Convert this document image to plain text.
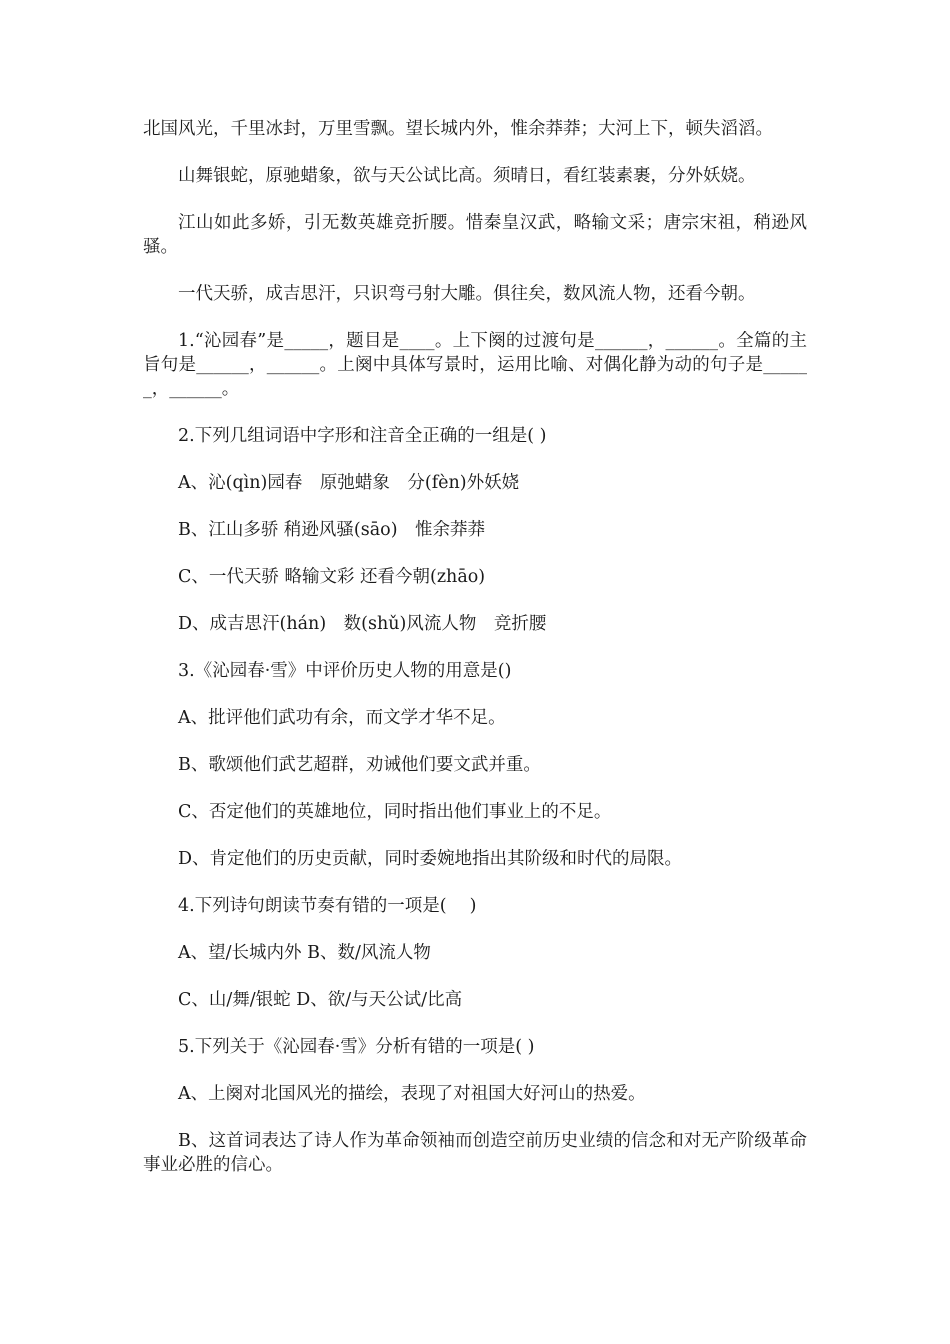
北国风光，千里冰封，万里雪飘。望长城内外，惟余莽莽；大河上下，顿失滔滔。

山舞银蛇，原驰蜡象，欲与天公试比高。须晴日，看红装素裹，分外妖娆。

江山如此多娇，引无数英雄竞折腰。惜秦皇汉武，略输文采；唐宗宋祖，稍逊风骚。

一代天骄，成吉思汗，只识弯弓射大雕。俱往矣，数风流人物，还看今朝。

1.“沁园春”是_____，题目是____。上下阕的过渡句是______，______。全篇的主旨句是______，______。上阕中具体写景时，运用比喻、对偶化静为动的句子是______，______。

2.下列几组词语中字形和注音全正确的一组是( )

A、沁(qìn)园春　原弛蜡象　分(fèn)外妖娆

B、江山多骄 稍逊风骚(sāo)　惟余莽莽

C、一代天骄 略输文彩 还看今朝(zhāo)

D、成吉思汗(hán)　数(shǔ)风流人物　竞折腰

3.《沁园春·雪》中评价历史人物的用意是()

A、批评他们武功有余，而文学才华不足。

B、歌颂他们武艺超群，劝诫他们要文武并重。

C、否定他们的英雄地位，同时指出他们事业上的不足。

D、肯定他们的历史贡献，同时委婉地指出其阶级和时代的局限。

4.下列诗句朗读节奏有错的一项是(　 )

A、望/长城内外 B、数/风流人物

C、山/舞/银蛇 D、欲/与天公试/比高

5.下列关于《沁园春·雪》分析有错的一项是( )

A、上阕对北国风光的描绘，表现了对祖国大好河山的热爱。

B、这首词表达了诗人作为革命领袖而创造空前历史业绩的信念和对无产阶级革命事业必胜的信心。
